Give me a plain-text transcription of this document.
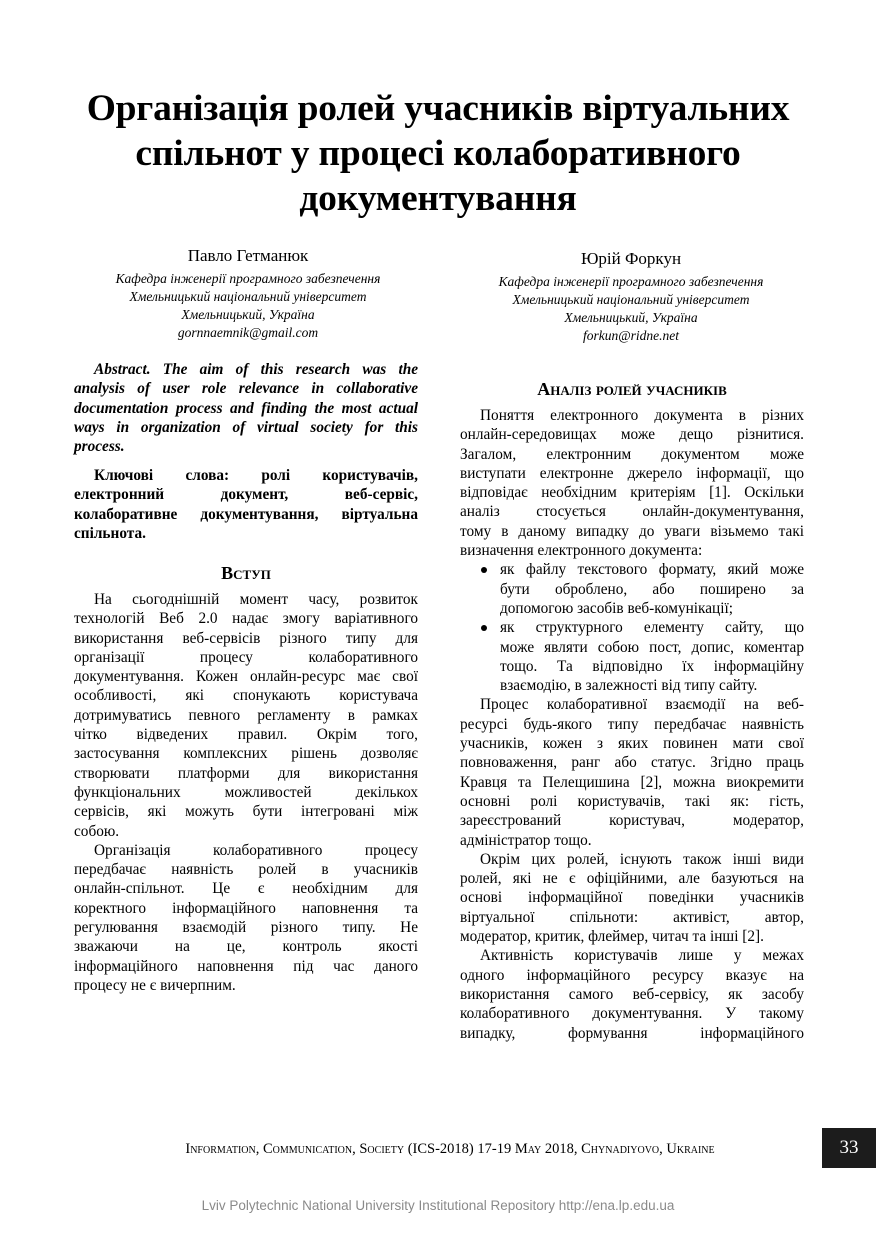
Організація ролей учасників віртуальних
спільнот у процесі колаборативного
документування
Павло Гетманюк
Кафедра інженерії програмного забезпечення
Хмельницький національний університет
Хмельницький, Україна
gornnaemnik@gmail.com
Юрій Форкун
Кафедра інженерії програмного забезпечення
Хмельницький національний університет
Хмельницький, Україна
forkun@ridne.net
Abstract. The aim of this research was the
analysis of user role relevance in collaborative
documentation process and finding the most actual
ways in organization of virtual society for this
process.
Ключові слова: ролі користувачів,
електронний документ, веб-сервіс,
колаборативне документування, віртуальна
спільнота.
Вступ
Аналіз ролей учасників
На сьогоднішній момент часу, розвиток
технологій Веб 2.0 надає змогу варіативного
використання веб-сервісів різного типу для
організації процесу колаборативного
документування. Кожен онлайн-ресурс має свої
особливості, які спонукають користувача
дотримуватись певного регламенту в рамках
чітко відведених правил. Окрім того,
застосування комплексних рішень дозволяє
створювати платформи для використання
функціональних можливостей декількох
сервісів, які можуть бути інтегровані між
собою.
Організація колаборативного процесу
передбачає наявність ролей в учасників
онлайн-спільнот. Це є необхідним для
коректного інформаційного наповнення та
регулювання взаємодій різного типу. Не
зважаючи на це, контроль якості
інформаційного наповнення під час даного
процесу не є вичерпним.
Поняття електронного документа в різних
онлайн-середовищах може дещо різнитися.
Загалом, електронним документом може
виступати електронне джерело інформації, що
відповідає необхідним критеріям [1]. Оскільки
аналіз стосується онлайн-документування,
тому в даному випадку до уваги візьмемо такі
визначення електронного документа:
як файлу текстового формату, який може
бути оброблено, або поширено за
допомогою засобів веб-комунікації;
як структурного елементу сайту, що
може являти собою пост, допис, коментар
тощо. Та відповідно їх інформаційну
взаємодію, в залежності від типу сайту.
Процес колаборативної взаємодії на веб-
ресурсі будь-якого типу передбачає наявність
учасників, кожен з яких повинен мати свої
повноваження, ранг або статус. Згідно праць
Кравця та Пелещишина [2], можна виокремити
основні ролі користувачів, такі як: гість,
зареєстрований користувач, модератор,
адміністратор тощо.
Окрім цих ролей, існують також інші види
ролей, які не є офіційними, але базуються на
основі інформаційної поведінки учасників
віртуальної спільноти: активіст, автор,
модератор, критик, флеймер, читач та інші [2].
Активність користувачів лише у межах
одного інформаційного ресурсу вказує на
використання самого веб-сервісу, як засобу
колаборативного документування. У такому
випадку, формування інформаційного
Information, Communication, Society (ICS-2018) 17-19 May 2018, Chynadiyovo, Ukraine	33
Lviv Polytechnic National University Institutional Repository http://ena.lp.edu.ua
